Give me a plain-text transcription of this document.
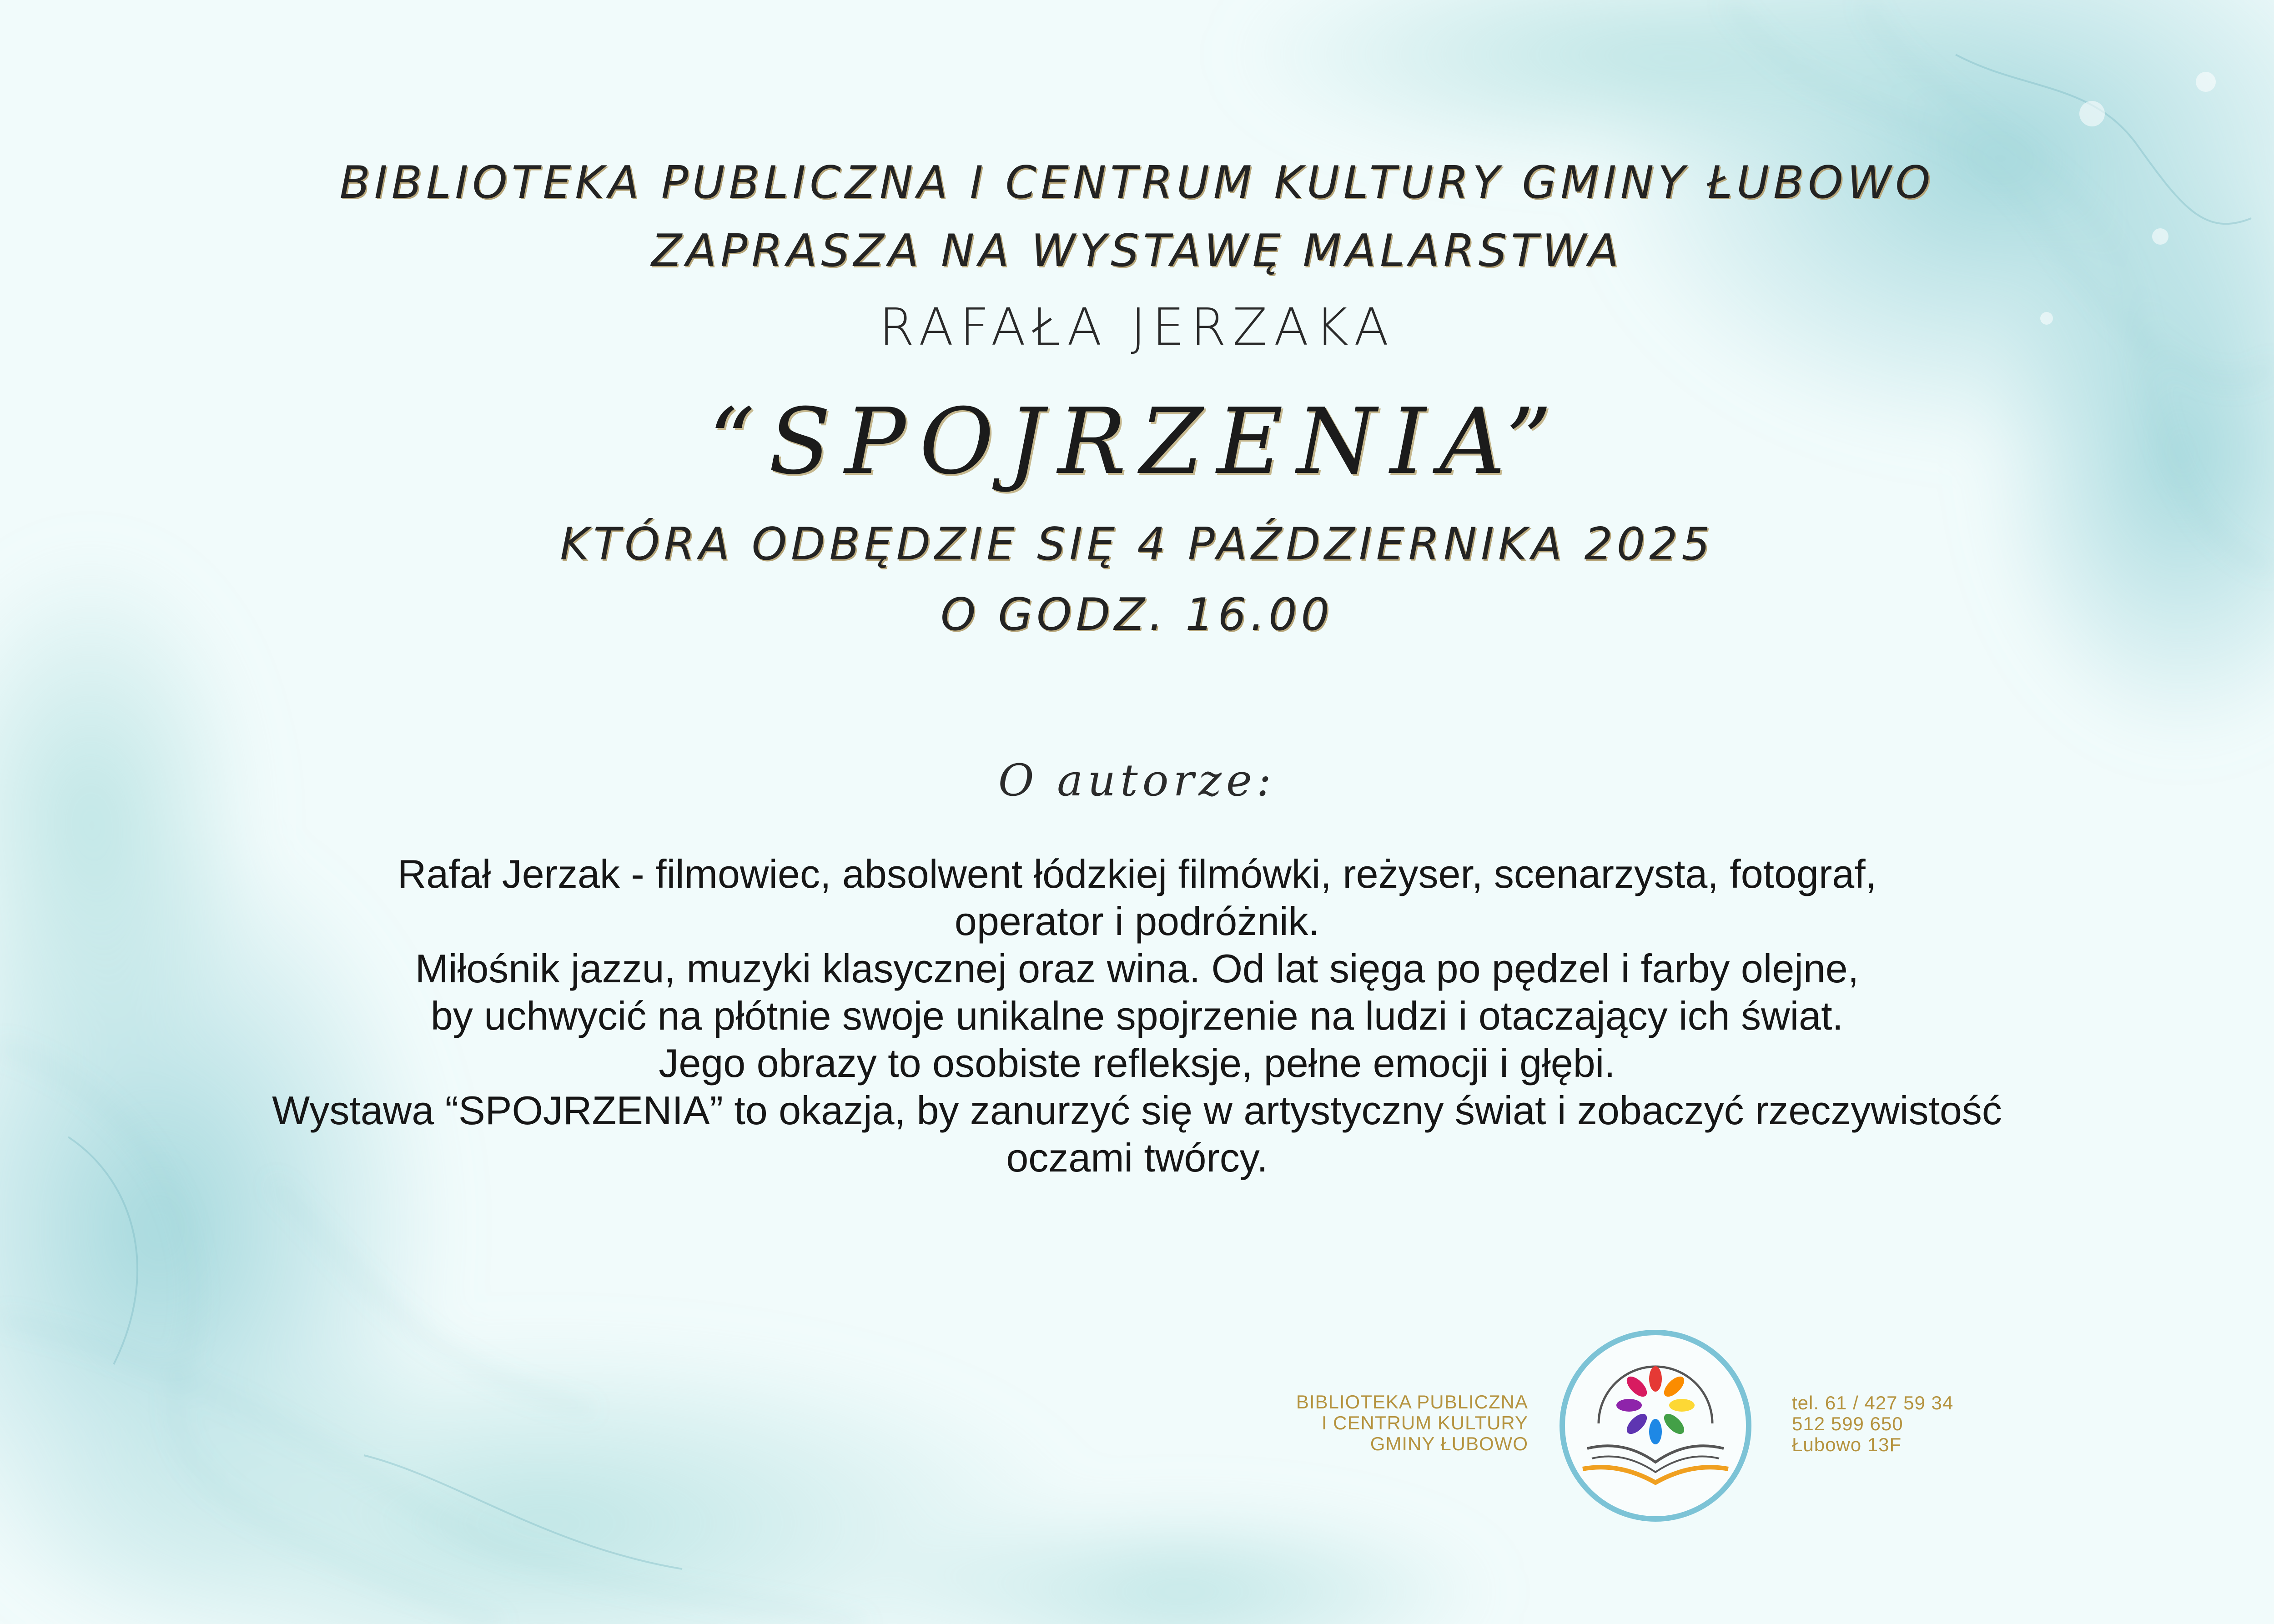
BIBLIOTEKA PUBLICZNA I CENTRUM KULTURY GMINY ŁUBOWO

ZAPRASZA NA WYSTAWĘ MALARSTWA

RAFAŁA JERZAKA

“SPOJRZENIA”

KTÓRA ODBĘDZIE SIĘ 4 PAŹDZIERNIKA 2025

O GODZ. 16.00

O autorze:

Rafał Jerzak - filmowiec, absolwent łódzkiej filmówki, reżyser, scenarzysta, fotograf,

operator i podróżnik.

Miłośnik jazzu, muzyki klasycznej oraz wina. Od lat sięga po pędzel i farby olejne,

by uchwycić na płótnie swoje unikalne spojrzenie na ludzi i otaczający ich świat.

Jego obrazy to osobiste refleksje, pełne emocji i głębi.

Wystawa “SPOJRZENIA” to okazja, by zanurzyć się w artystyczny świat i zobaczyć rzeczywistość

oczami twórcy.

BIBLIOTEKA PUBLICZNA

I CENTRUM KULTURY

GMINY ŁUBOWO

tel. 61 / 427 59 34

512 599 650

Łubowo 13F
